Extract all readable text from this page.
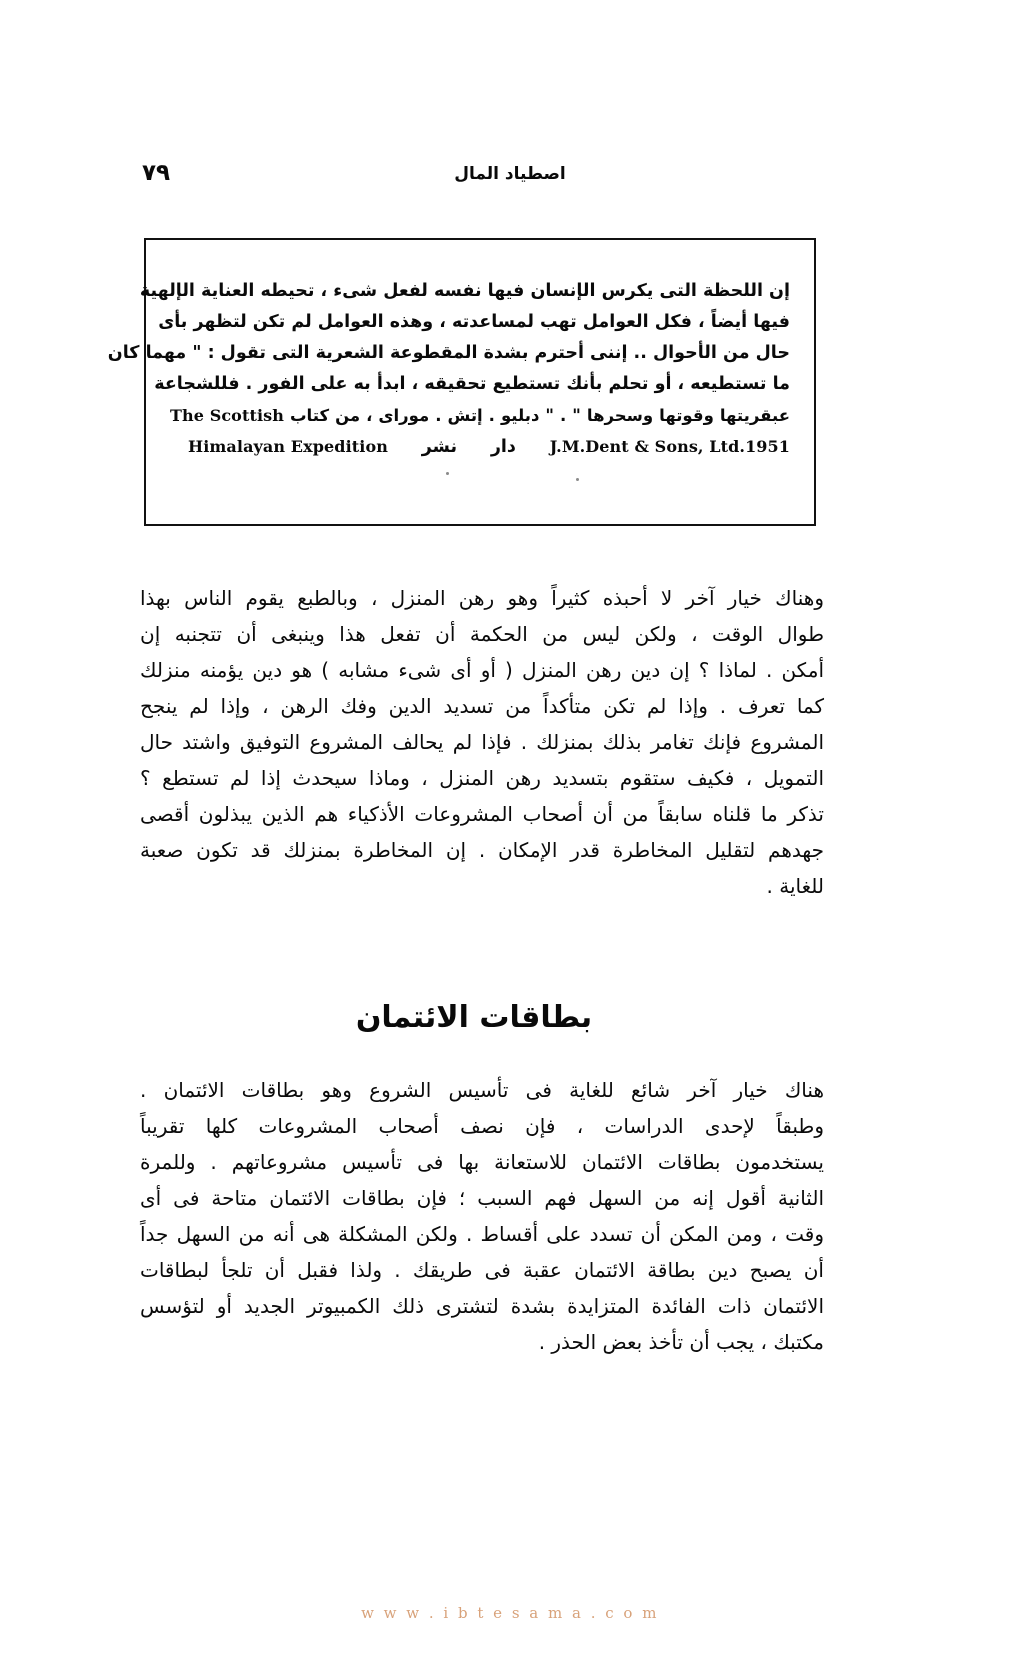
٧٩	اصطياد المال
إن اللحظة التى يكرس الإنسان فيها نفسه لفعل شىء ، تحيطه العناية الإلهية
فيها أيضاً ، فكل العوامل تهب لمساعدته ، وهذه العوامل لم تكن لتظهر بأى
حال من الأحوال .. إننى أحترم بشدة المقطوعة الشعرية التى تقول : " مهما كان
ما تستطيعه ، أو تحلم بأنك تستطيع تحقيقه ، ابدأ به على الفور . فللشجاعة
عبقريتها وقوتها وسحرها " . " دبليو . إتش . موراى ، من كتاب The Scottish
J.M.Dent & Sons, Ltd.1951 دار نشر Himalayan Expedition
وهناك خيار آخر لا أحبذه كثيراً وهو رهن المنزل ، وبالطبع يقوم الناس بهذا
طوال الوقت ، ولكن ليس من الحكمة أن تفعل هذا وينبغى أن تتجنبه إن
أمكن . لماذا ؟ إن دين رهن المنزل ( أو أى شىء مشابه ) هو دين يؤمنه منزلك
كما تعرف . وإذا لم تكن متأكداً من تسديد الدين وفك الرهن ، وإذا لم ينجح
المشروع فإنك تغامر بذلك بمنزلك . فإذا لم يحالف المشروع التوفيق واشتد حال
التمويل ، فكيف ستقوم بتسديد رهن المنزل ، وماذا سيحدث إذا لم تستطع ؟
تذكر ما قلناه سابقاً من أن أصحاب المشروعات الأذكياء هم الذين يبذلون أقصى
جهدهم لتقليل المخاطرة قدر الإمكان . إن المخاطرة بمنزلك قد تكون صعبة
للغاية .
بطاقات الائتمان
هناك خيار آخر شائع للغاية فى تأسيس الشروع وهو بطاقات الائتمان .
وطبقاً لإحدى الدراسات ، فإن نصف أصحاب المشروعات كلها تقريباً
يستخدمون بطاقات الائتمان للاستعانة بها فى تأسيس مشروعاتهم . وللمرة
الثانية أقول إنه من السهل فهم السبب ؛ فإن بطاقات الائتمان متاحة فى أى
وقت ، ومن المكن أن تسدد على أقساط . ولكن المشكلة هى أنه من السهل جداً
أن يصبح دين بطاقة الائتمان عقبة فى طريقك . ولذا فقبل أن تلجأ لبطاقات
الائتمان ذات الفائدة المتزايدة بشدة لتشترى ذلك الكمبيوتر الجديد أو لتؤسس
مكتبك ، يجب أن تأخذ بعض الحذر .
w w w . i b t e s a m a . c o m
